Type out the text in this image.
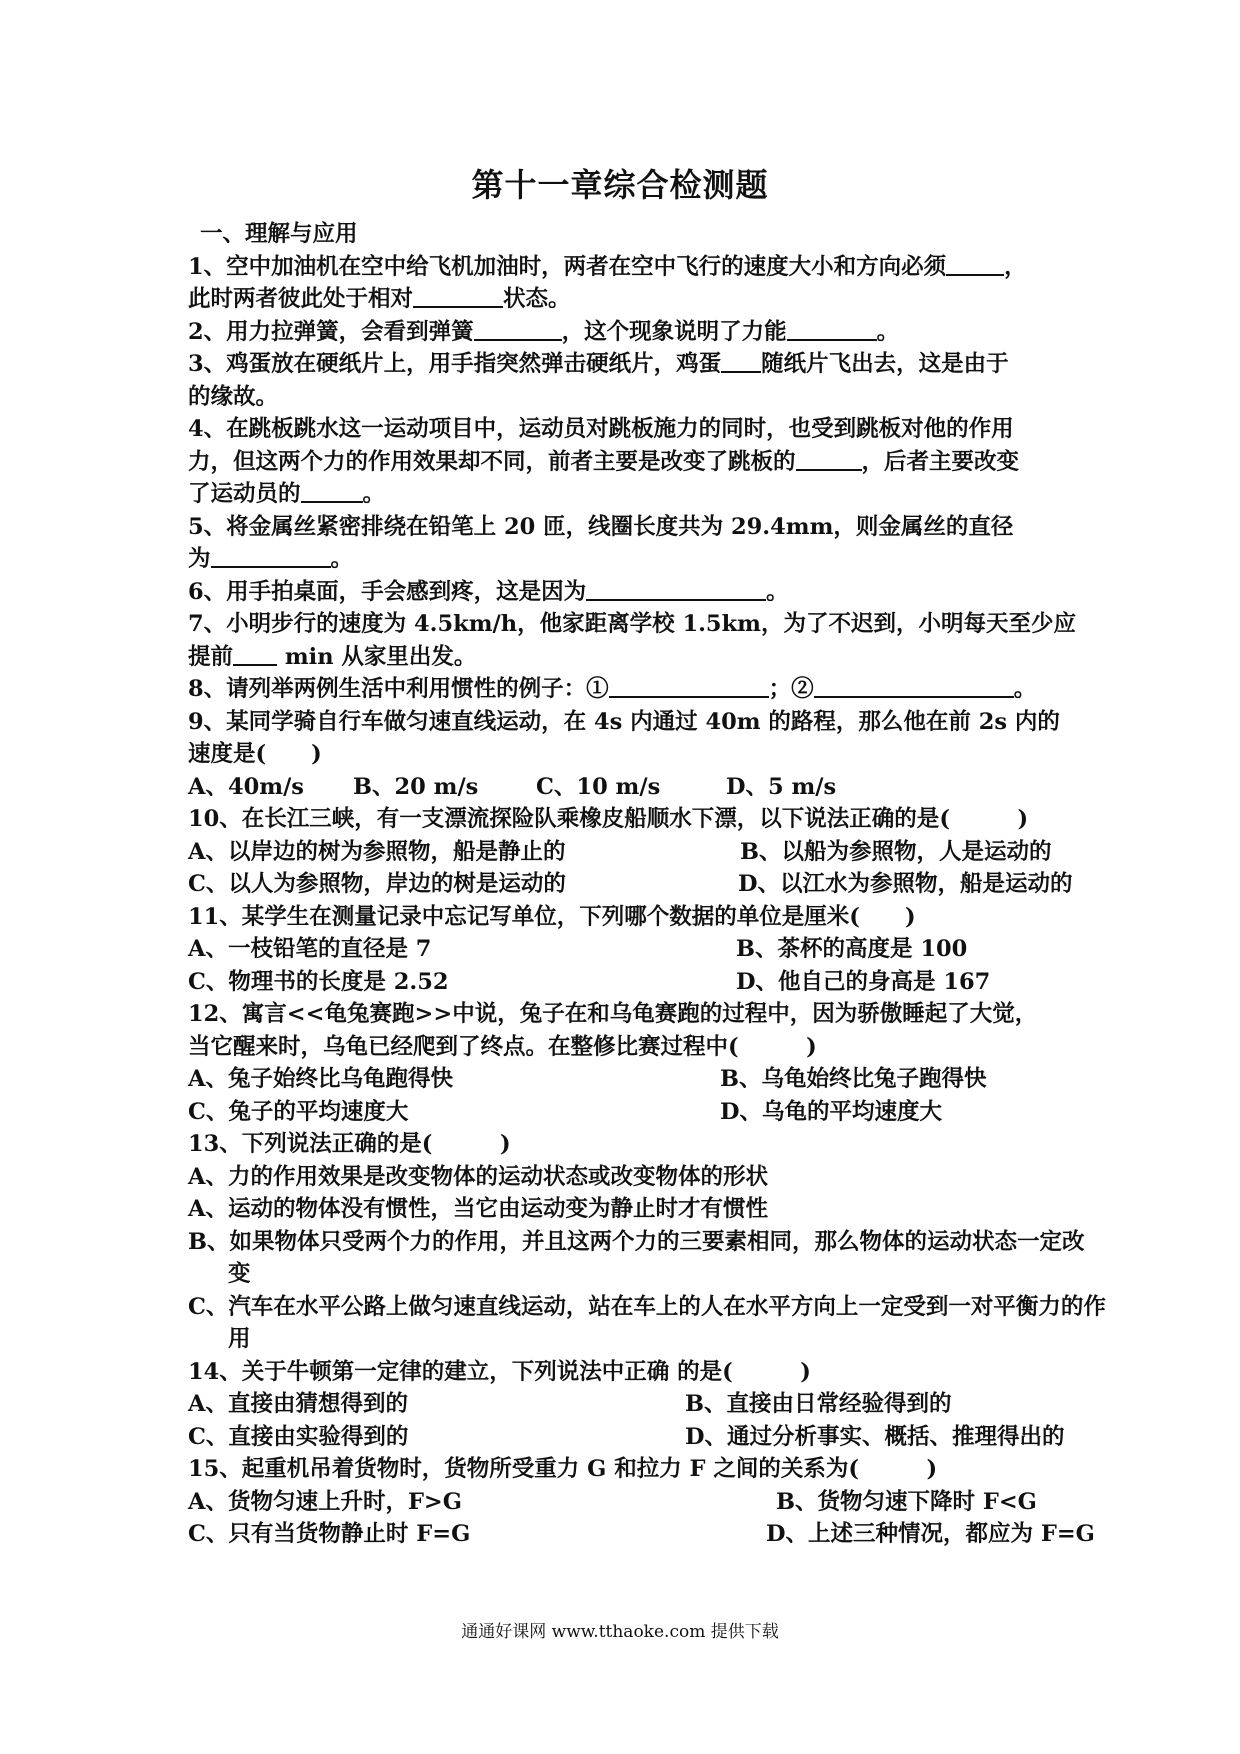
第十一章综合检测题
一、理解与应用
1、空中加油机在空中给飞机加油时，两者在空中飞行的速度大小和方向必须	，
此时两者彼此处于相对	状态。
2、用力拉弹簧，会看到弹簧	，这个现象说明了力能	。
3、鸡蛋放在硬纸片上，用手指突然弹击硬纸片，鸡蛋 随纸片飞出去，这是由于
的缘故。
4、在跳板跳水这一运动项目中，运动员对跳板施力的同时，也受到跳板对他的作用
力，但这两个力的作用效果却不同，前者主要是改变了跳板的	，后者主要改变
了运动员的	。
5、将金属丝紧密排绕在铅笔上 20 匝，线圈长度共为 29.4mm，则金属丝的直径
为	。
6、用手拍桌面，手会感到疼，这是因为	。
7、小明步行的速度为 4.5km/h，他家距离学校 1.5km，为了不迟到，小明每天至少应
提前 min 从家里出发。
8、请列举两例生活中利用惯性的例子：①	；②	。
9、某同学骑自行车做匀速直线运动，在 4s 内通过 40m 的路程，那么他在前 2s 内的
速度是(　　)
A、40m/s B、20 m/s	C、10 m/s	D、5 m/s
10、在长江三峡，有一支漂流探险队乘橡皮船顺水下漂，以下说法正确的是(　　　)
A、以岸边的树为参照物，船是静止的	B、以船为参照物，人是运动的
C、以人为参照物，岸边的树是运动的	D、以江水为参照物，船是运动的
11、某学生在测量记录中忘记写单位，下列哪个数据的单位是厘米(　　)
A、一枝铅笔的直径是 7	B、茶杯的高度是 100
C、物理书的长度是 2.52	D、他自己的身高是 167
12、寓言<<龟兔赛跑>>中说，兔子在和乌龟赛跑的过程中，因为骄傲睡起了大觉，
当它醒来时，乌龟已经爬到了终点。在整修比赛过程中(　　　)
A、兔子始终比乌龟跑得快	B、乌龟始终比兔子跑得快
C、兔子的平均速度大	D、乌龟的平均速度大
13、下列说法正确的是(　　　)
A、力的作用效果是改变物体的运动状态或改变物体的形状
A、运动的物体没有惯性，当它由运动变为静止时才有惯性
B、如果物体只受两个力的作用，并且这两个力的三要素相同，那么物体的运动状态一定改变
C、汽车在水平公路上做匀速直线运动，站在车上的人在水平方向上一定受到一对平衡力的作用
14、关于牛顿第一定律的建立，下列说法中正确 的是(　　　)
A、直接由猜想得到的	B、直接由日常经验得到的
C、直接由实验得到的	D、通过分析事实、概括、推理得出的
15、起重机吊着货物时，货物所受重力 G 和拉力 F 之间的关系为(　　　)
A、货物匀速上升时，F>G	B、货物匀速下降时 F<G
C、只有当货物静止时 F=G	D、上述三种情况，都应为 F=G
通通好课网 www.tthaoke.com 提供下载
